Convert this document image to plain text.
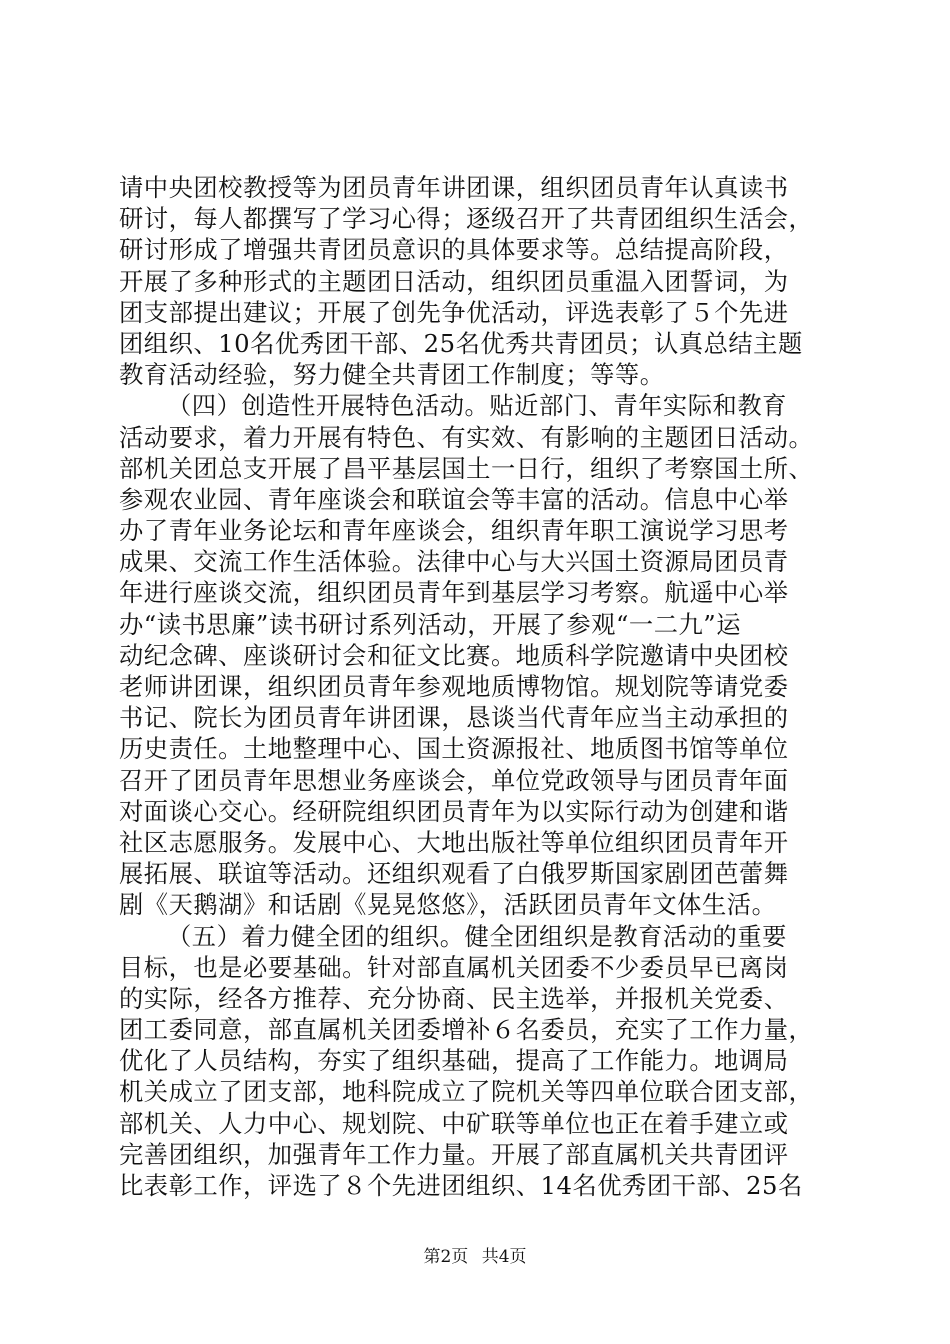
请中央团校教授等为团员青年讲团课，组织团员青年认真读书
研讨，每人都撰写了学习心得；逐级召开了共青团组织生活会，
研讨形成了增强共青团员意识的具体要求等。总结提高阶段，
开展了多种形式的主题团日活动，组织团员重温入团誓词，为
团支部提出建议；开展了创先争优活动，评选表彰了５个先进
团组织、10名优秀团干部、25名优秀共青团员；认真总结主题
教育活动经验，努力健全共青团工作制度；等等。
（四）创造性开展特色活动。贴近部门、青年实际和教育
活动要求，着力开展有特色、有实效、有影响的主题团日活动。
部机关团总支开展了昌平基层国土一日行，组织了考察国土所、
参观农业园、青年座谈会和联谊会等丰富的活动。信息中心举
办了青年业务论坛和青年座谈会，组织青年职工演说学习思考
成果、交流工作生活体验。法律中心与大兴国土资源局团员青
年进行座谈交流，组织团员青年到基层学习考察。航遥中心举
办“读书思廉”读书研讨系列活动，开展了参观“一二九”运
动纪念碑、座谈研讨会和征文比赛。地质科学院邀请中央团校
老师讲团课，组织团员青年参观地质博物馆。规划院等请党委
书记、院长为团员青年讲团课，恳谈当代青年应当主动承担的
历史责任。土地整理中心、国土资源报社、地质图书馆等单位
召开了团员青年思想业务座谈会，单位党政领导与团员青年面
对面谈心交心。经研院组织团员青年为以实际行动为创建和谐
社区志愿服务。发展中心、大地出版社等单位组织团员青年开
展拓展、联谊等活动。还组织观看了白俄罗斯国家剧团芭蕾舞
剧《天鹅湖》和话剧《晃晃悠悠》，活跃团员青年文体生活。
（五）着力健全团的组织。健全团组织是教育活动的重要
目标，也是必要基础。针对部直属机关团委不少委员早已离岗
的实际，经各方推荐、充分协商、民主选举，并报机关党委、
团工委同意，部直属机关团委增补６名委员，充实了工作力量，
优化了人员结构，夯实了组织基础，提高了工作能力。地调局
机关成立了团支部，地科院成立了院机关等四单位联合团支部，
部机关、人力中心、规划院、中矿联等单位也正在着手建立或
完善团组织，加强青年工作力量。开展了部直属机关共青团评
比表彰工作，评选了８个先进团组织、14名优秀团干部、25名
第2页 共4页
